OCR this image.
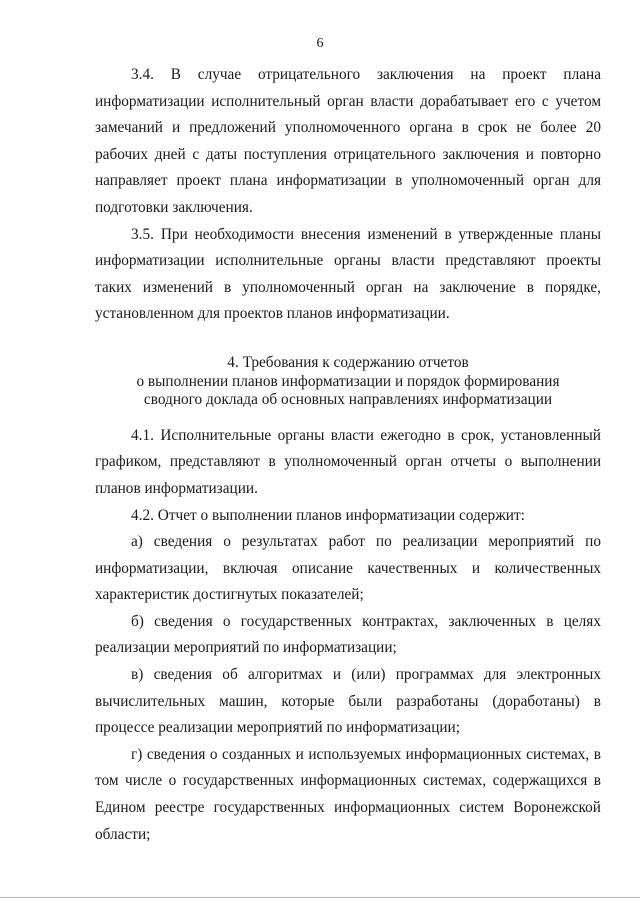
6

3.4. В случае отрицательного заключения на проект плана информатизации исполнительный орган власти дорабатывает его с учетом замечаний и предложений уполномоченного органа в срок не более 20 рабочих дней с даты поступления отрицательного заключения и повторно направляет проект плана информатизации в уполномоченный орган для подготовки заключения.

3.5. При необходимости внесения изменений в утвержденные планы информатизации исполнительные органы власти представляют проекты таких изменений в уполномоченный орган на заключение в порядке, установленном для проектов планов информатизации.

4. Требования к содержанию отчетов
о выполнении планов информатизации и порядок формирования
сводного доклада об основных направлениях информатизации

4.1. Исполнительные органы власти ежегодно в срок, установленный графиком, представляют в уполномоченный орган отчеты о выполнении планов информатизации.

4.2. Отчет о выполнении планов информатизации содержит:

а) сведения о результатах работ по реализации мероприятий по информатизации, включая описание качественных и количественных характеристик достигнутых показателей;

б) сведения о государственных контрактах, заключенных в целях реализации мероприятий по информатизации;

в) сведения об алгоритмах и (или) программах для электронных вычислительных машин, которые были разработаны (доработаны) в процессе реализации мероприятий по информатизации;

г) сведения о созданных и используемых информационных системах, в том числе о государственных информационных системах, содержащихся в Едином реестре государственных информационных систем Воронежской области;
